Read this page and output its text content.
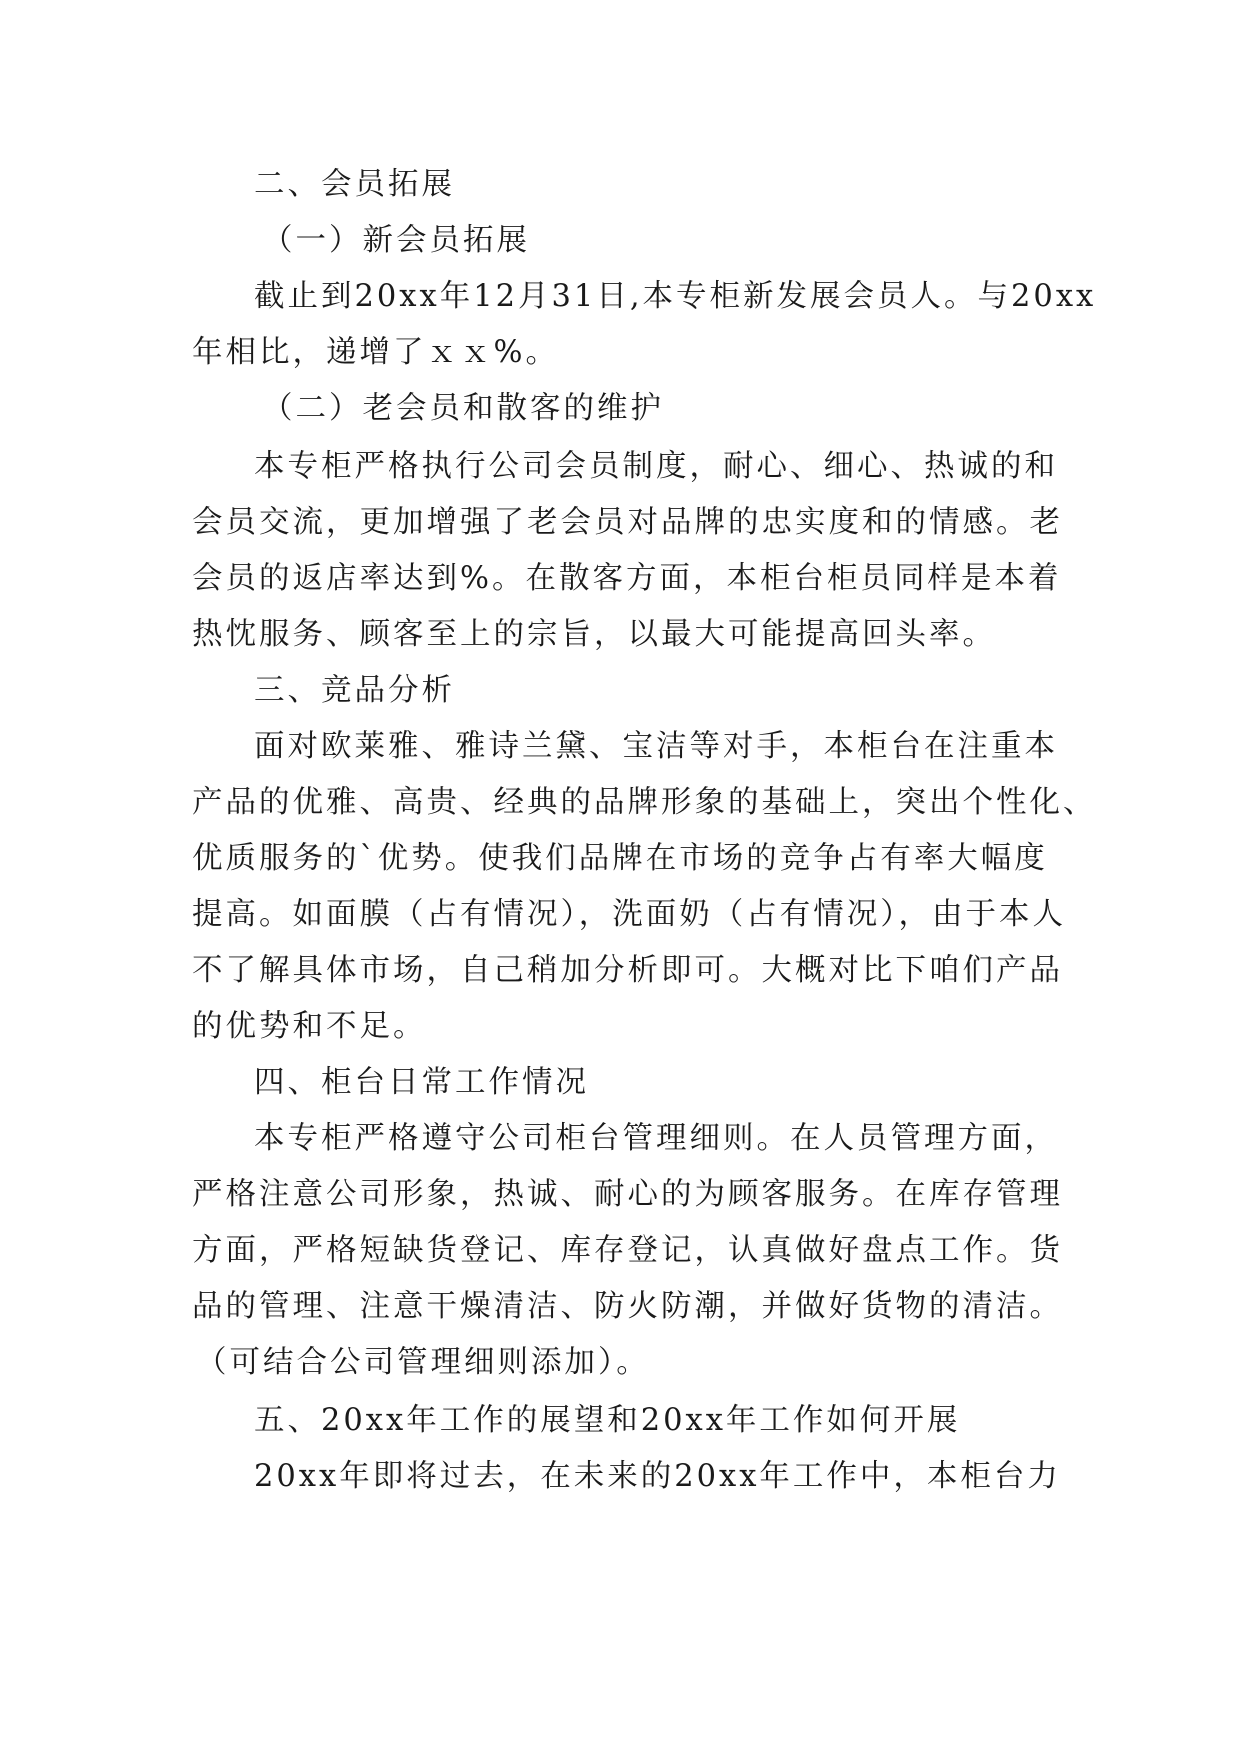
二、会员拓展
（一）新会员拓展
截止到20xx年12月31日,本专柜新发展会员人。与20xx
年相比，递增了ｘｘ%。
（二）老会员和散客的维护
本专柜严格执行公司会员制度，耐心、细心、热诚的和
会员交流，更加增强了老会员对品牌的忠实度和的情感。老
会员的返店率达到%。在散客方面，本柜台柜员同样是本着
热忱服务、顾客至上的宗旨，以最大可能提高回头率。
三、竞品分析
面对欧莱雅、雅诗兰黛、宝洁等对手，本柜台在注重本
产品的优雅、高贵、经典的品牌形象的基础上，突出个性化、
优质服务的`优势。使我们品牌在市场的竞争占有率大幅度
提高。如面膜（占有情况），洗面奶（占有情况），由于本人
不了解具体市场，自己稍加分析即可。大概对比下咱们产品
的优势和不足。
四、柜台日常工作情况
本专柜严格遵守公司柜台管理细则。在人员管理方面，
严格注意公司形象，热诚、耐心的为顾客服务。在库存管理
方面，严格短缺货登记、库存登记，认真做好盘点工作。货
品的管理、注意干燥清洁、防火防潮，并做好货物的清洁。
（可结合公司管理细则添加）。
五、20xx年工作的展望和20xx年工作如何开展
20xx年即将过去，在未来的20xx年工作中，本柜台力
